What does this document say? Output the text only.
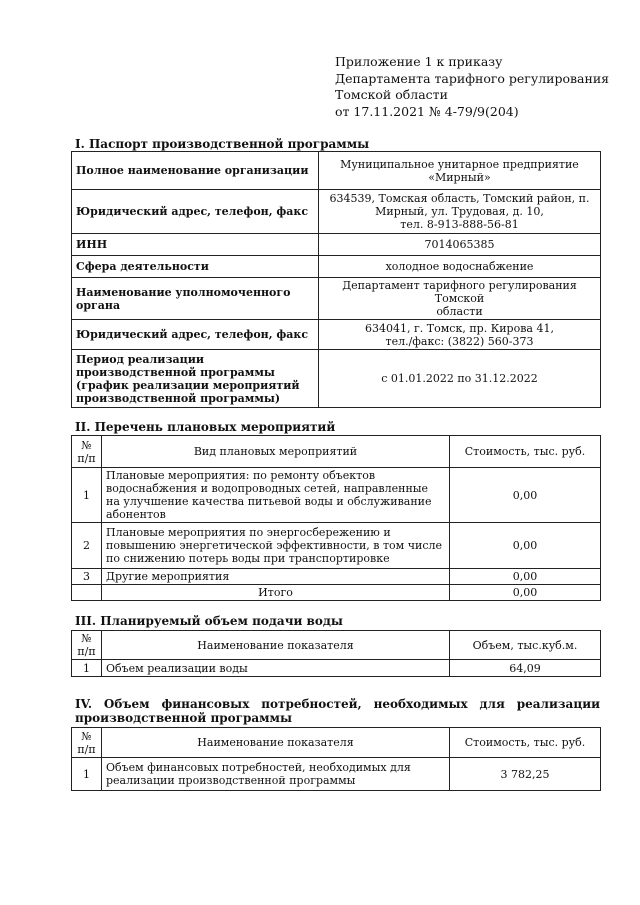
Приложение 1 к приказу
Департамента тарифного регулирования
Томской области
от 17.11.2021 № 4-79/9(204)
I. Паспорт производственной программы
Полное наименование организации	Муниципальное унитарное предприятие
«Мирный»

Юридический адрес, телефон, факс	634539, Томская область, Томский район, п.
Мирный, ул. Трудовая, д. 10,
тел. 8-913-888-56-81

ИНН	7014065385

Сфера деятельности	холодное водоснабжение

Наименование уполномоченного органа	Департамент тарифного регулирования Томской
области

Юридический адрес, телефон, факс	634041, г. Томск, пр. Кирова 41,
тел./факс: (3822) 560-373

Период реализации производственной программы (график реализации мероприятий производственной программы)	с 01.01.2022 по 31.12.2022
II. Перечень плановых мероприятий
№ п/п	Вид плановых мероприятий	Стоимость, тыс. руб.
1	Плановые мероприятия: по ремонту объектов водоснабжения и водопроводных сетей, направленные на улучшение качества питьевой воды и обслуживание абонентов	0,00
2	Плановые мероприятия по энергосбережению и повышению энергетической эффективности, в том числе по снижению потерь воды при транспортировке	0,00
3	Другие мероприятия	0,00
	Итого	0,00
III. Планируемый объем подачи воды
№ п/п	Наименование показателя	Объем, тыс.куб.м.
1	Объем реализации воды	64,09
IV. Объем финансовых потребностей, необходимых для реализации производственной программы
№ п/п	Наименование показателя	Стоимость, тыс. руб.
1	Объем финансовых потребностей, необходимых для реализации производственной программы	3 782,25
